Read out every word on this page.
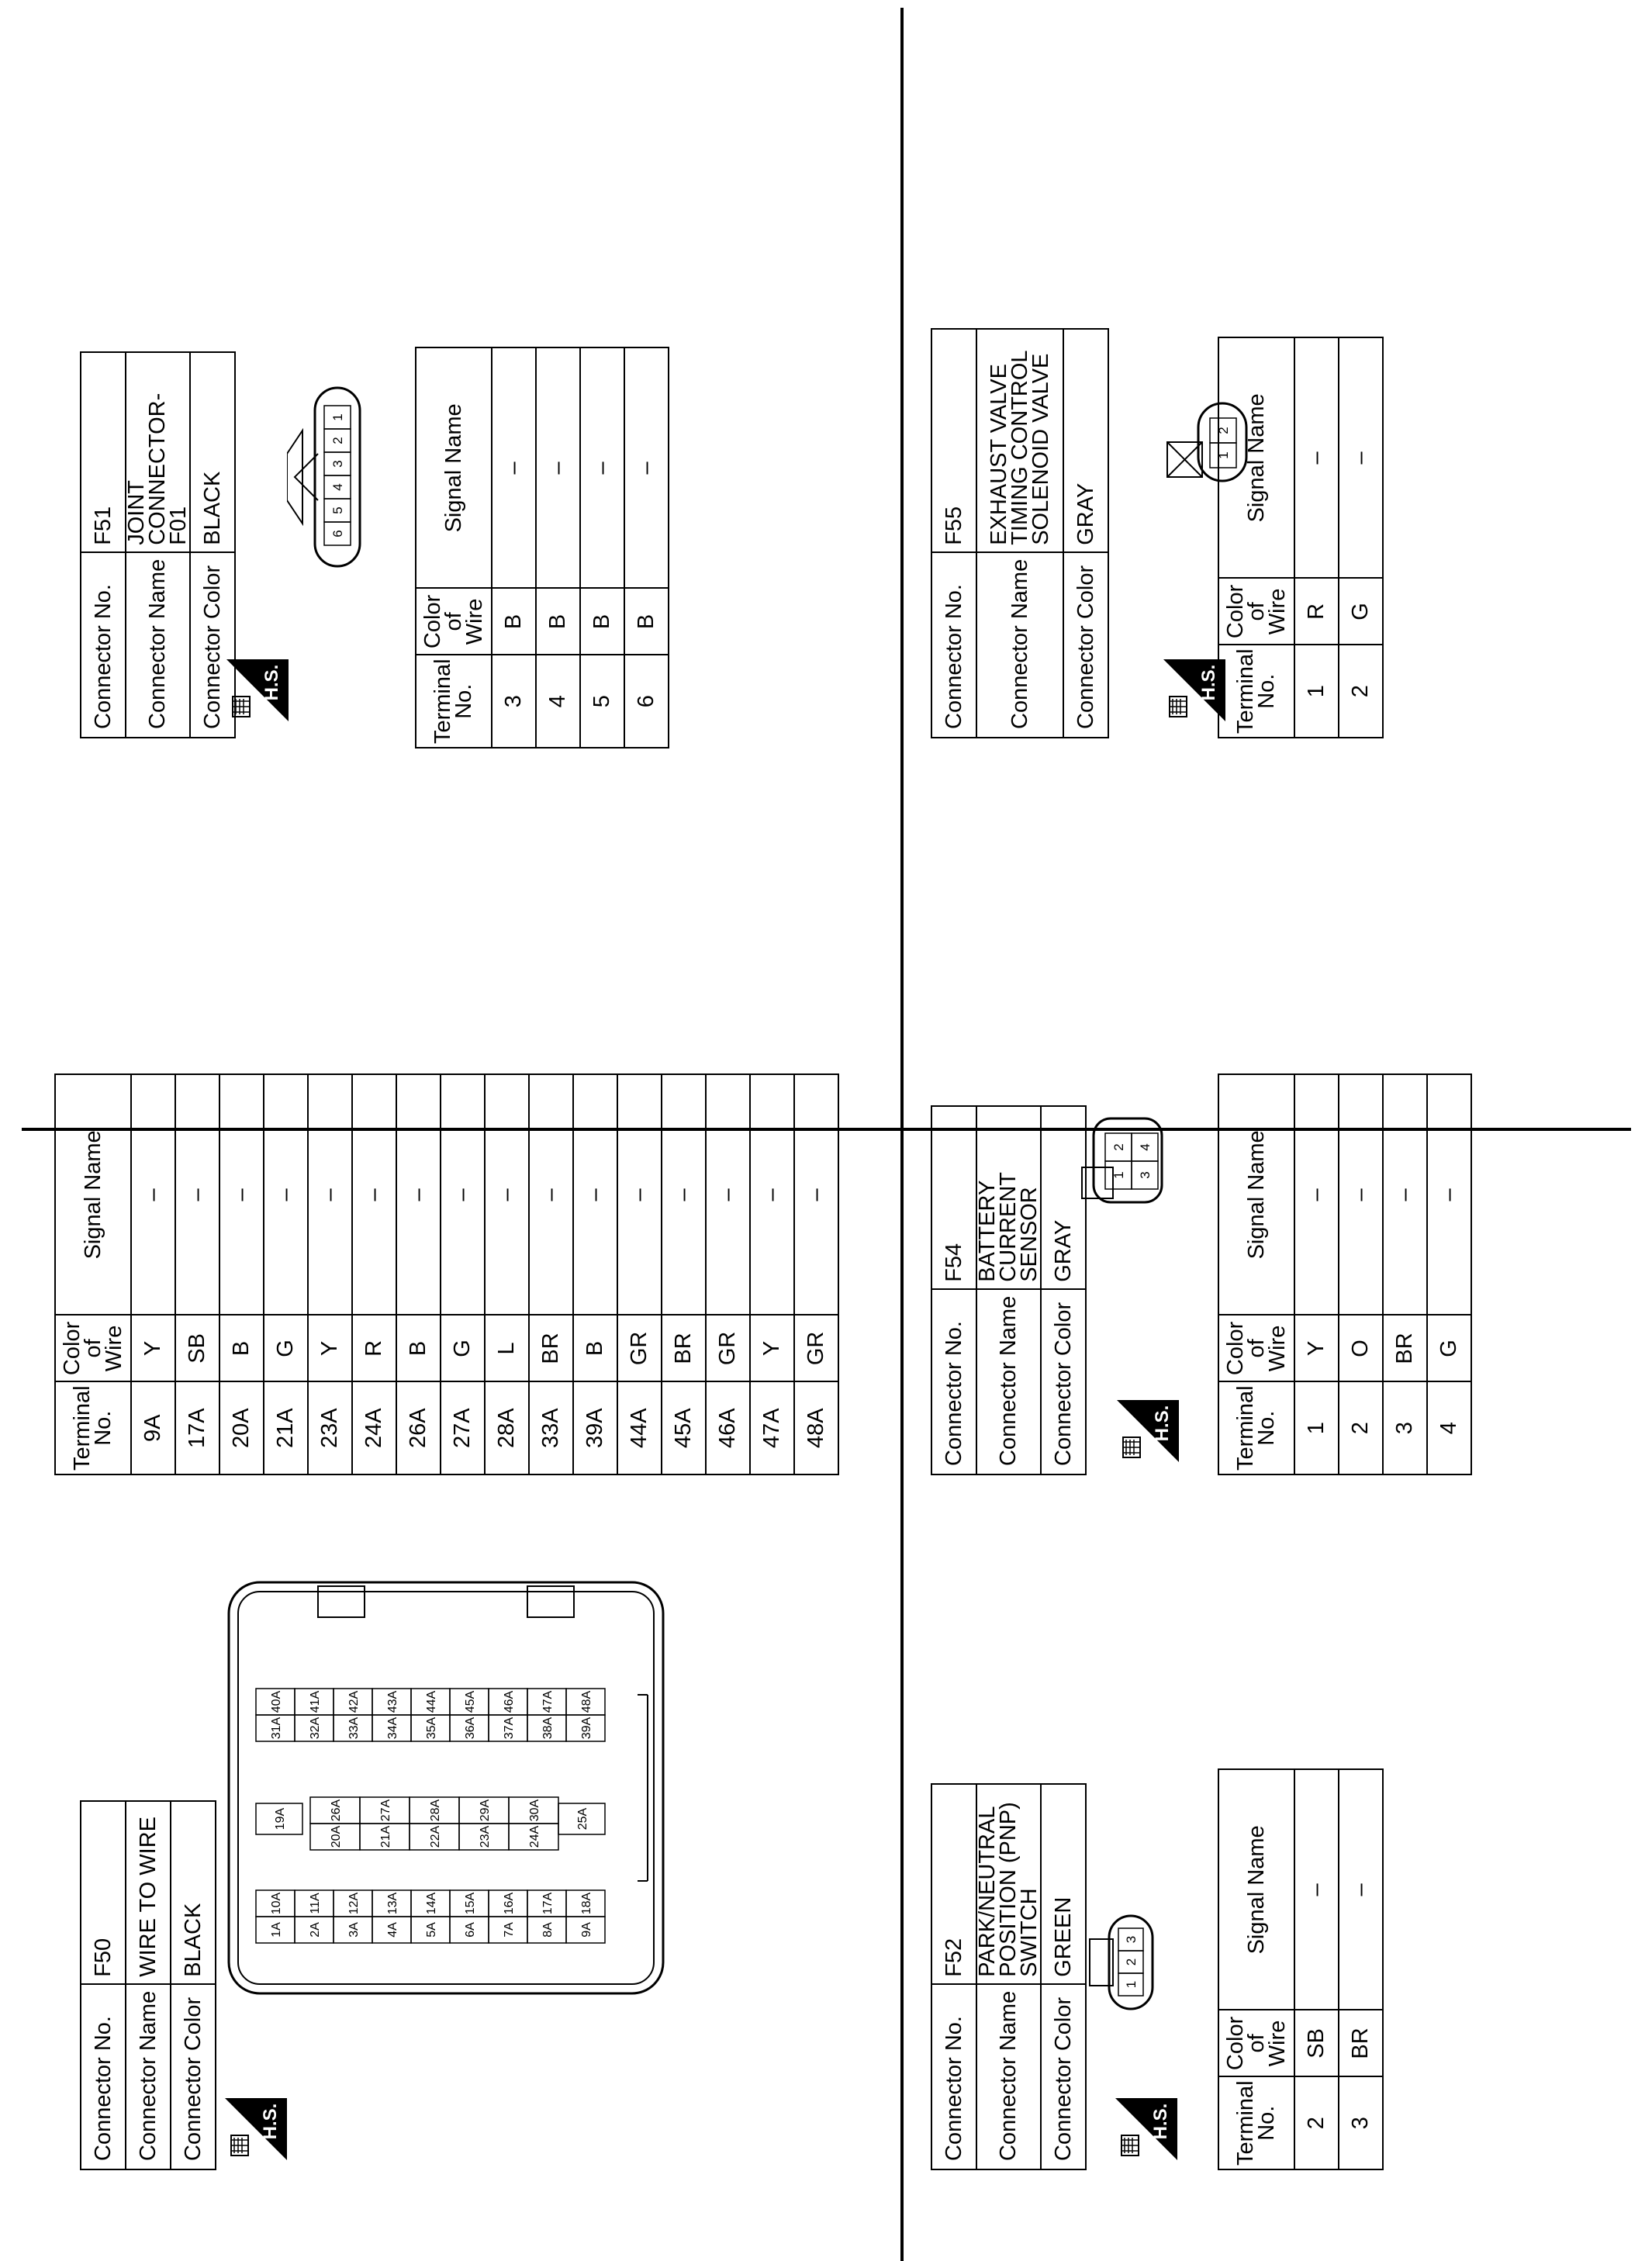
Connector No.	F50
Connector Name	WIRE TO WIRE
Connector Color	BLACK
H.S.
1A 2A 3A 4A 5A 6A 7A 8A 9A
10A 11A 12A 13A 14A 15A 16A 17A 18A
19A
20A	21A	22A	23A	24A
26A	27A	28A	29A	30A	25A
31A 32A 33A 34A 35A 36A 37A 38A 39A
40A 41A 42A 43A 44A 45A 46A 47A 48A
Terminal No.	Color of Wire	Signal Name
9A	Y	–
17A	SB	–
20A	B	–
21A	G	–
23A	Y	–
24A	R	–
26A	B	–
27A	G	–
28A	L	–
33A	BR	–
39A	B	–
44A	GR	–
45A	BR	–
46A	GR	–
47A	Y	–
48A	GR	–
Connector No.	F51
Connector Name	JOINT CONNECTOR-F01
Connector Color	BLACK
H.S.
6
5
4
3
2
1
Terminal No.	Color of Wire	Signal Name
3	B	–
4	B	–
5	B	–
6	B	–
Connector No.	F52
Connector Name	PARK/NEUTRAL POSITION (PNP) SWITCH
Connector Color	GREEN
H.S.
1
2
3
Terminal No.	Color of Wire	Signal Name
2	SB	–
3	BR	–
Connector No.	F54
Connector Name	BATTERY CURRENT SENSOR
Connector Color	GRAY
H.S.
1
2
3
4
Terminal No.	Color of Wire	Signal Name
1	Y	–
2	O	–
3	BR	–
4	G	–
Connector No.	F55
Connector Name	EXHAUST VALVE TIMING CONTROL SOLENOID VALVE
Connector Color	GRAY
H.S.
1
2
Terminal No.	Color of Wire	Signal Name
1	R	–
2	G	–
